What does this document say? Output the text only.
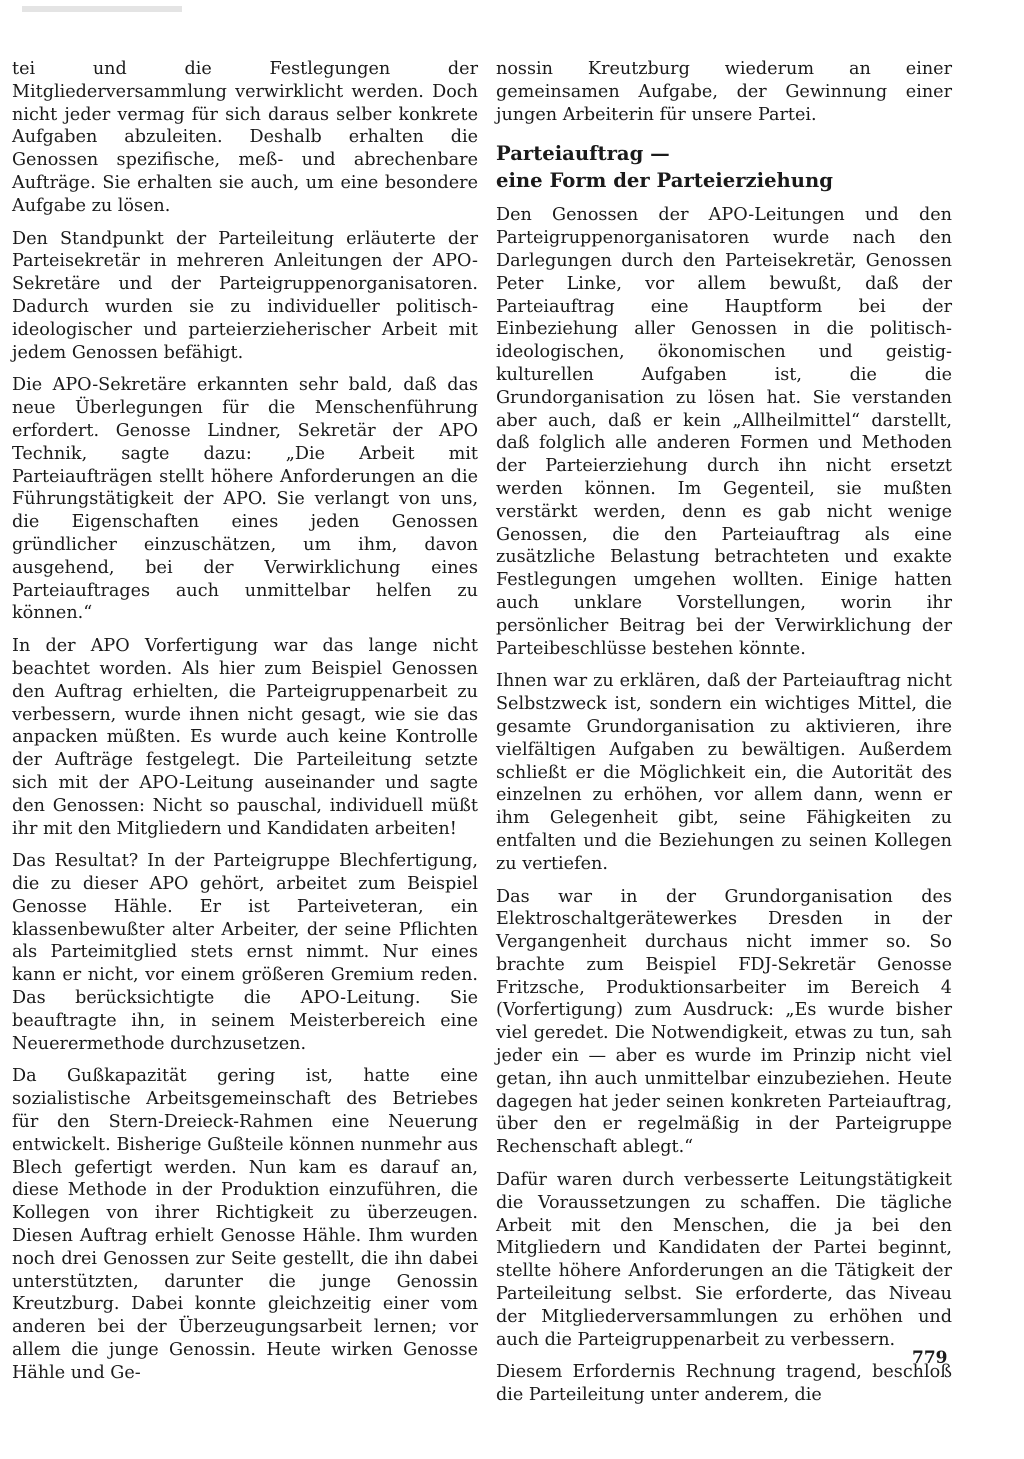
tei und die Festlegungen der Mitgliederversammlung verwirklicht werden. Doch nicht jeder vermag für sich daraus selber konkrete Aufgaben abzuleiten. Deshalb erhalten die Genossen spezifische, meß- und abrechenbare Aufträge. Sie erhalten sie auch, um eine besondere Aufgabe zu lösen.

Den Standpunkt der Parteileitung erläuterte der Parteisekretär in mehreren Anleitungen der APO-Sekretäre und der Parteigruppenorganisatoren. Dadurch wurden sie zu individueller politisch-ideologischer und parteierzieherischer Arbeit mit jedem Genossen befähigt.

Die APO-Sekretäre erkannten sehr bald, daß das neue Überlegungen für die Menschenführung erfordert. Genosse Lindner, Sekretär der APO Technik, sagte dazu: „Die Arbeit mit Parteiaufträgen stellt höhere Anforderungen an die Führungstätigkeit der APO. Sie verlangt von uns, die Eigenschaften eines jeden Genossen gründlicher einzuschätzen, um ihm, davon ausgehend, bei der Verwirklichung eines Parteiauftrages auch unmittelbar helfen zu können.“

In der APO Vorfertigung war das lange nicht beachtet worden. Als hier zum Beispiel Genossen den Auftrag erhielten, die Parteigruppenarbeit zu verbessern, wurde ihnen nicht gesagt, wie sie das anpacken müßten. Es wurde auch keine Kontrolle der Aufträge festgelegt. Die Parteileitung setzte sich mit der APO-Leitung auseinander und sagte den Genossen: Nicht so pauschal, individuell müßt ihr mit den Mitgliedern und Kandidaten arbeiten!

Das Resultat? In der Parteigruppe Blechfertigung, die zu dieser APO gehört, arbeitet zum Beispiel Genosse Hähle. Er ist Parteiveteran, ein klassenbewußter alter Arbeiter, der seine Pflichten als Parteimitglied stets ernst nimmt. Nur eines kann er nicht, vor einem größeren Gremium reden. Das berücksichtigte die APO-Leitung. Sie beauftragte ihn, in seinem Meisterbereich eine Neuerermethode durchzusetzen.

Da Gußkapazität gering ist, hatte eine sozialistische Arbeitsgemeinschaft des Betriebes für den Stern-Dreieck-Rahmen eine Neuerung entwickelt. Bisherige Gußteile können nunmehr aus Blech gefertigt werden. Nun kam es darauf an, diese Methode in der Produktion einzuführen, die Kollegen von ihrer Richtigkeit zu überzeugen. Diesen Auftrag erhielt Genosse Hähle. Ihm wurden noch drei Genossen zur Seite gestellt, die ihn dabei unterstützten, darunter die junge Genossin Kreutzburg. Dabei konnte gleichzeitig einer vom anderen bei der Überzeugungsarbeit lernen; vor allem die junge Genossin. Heute wirken Genosse Hähle und Ge-

nossin Kreutzburg wiederum an einer gemeinsamen Aufgabe, der Gewinnung einer jungen Arbeiterin für unsere Partei.

Parteiauftrag —
eine Form der Parteierziehung

Den Genossen der APO-Leitungen und den Parteigruppenorganisatoren wurde nach den Darlegungen durch den Parteisekretär, Genossen Peter Linke, vor allem bewußt, daß der Parteiauftrag eine Hauptform bei der Einbeziehung aller Genossen in die politisch-ideologischen, ökonomischen und geistig-kulturellen Aufgaben ist, die die Grundorganisation zu lösen hat. Sie verstanden aber auch, daß er kein „Allheilmittel“ darstellt, daß folglich alle anderen Formen und Methoden der Parteierziehung durch ihn nicht ersetzt werden können. Im Gegenteil, sie mußten verstärkt werden, denn es gab nicht wenige Genossen, die den Parteiauftrag als eine zusätzliche Belastung betrachteten und exakte Festlegungen umgehen wollten. Einige hatten auch unklare Vorstellungen, worin ihr persönlicher Beitrag bei der Verwirklichung der Parteibeschlüsse bestehen könnte.

Ihnen war zu erklären, daß der Parteiauftrag nicht Selbstzweck ist, sondern ein wichtiges Mittel, die gesamte Grundorganisation zu aktivieren, ihre vielfältigen Aufgaben zu bewältigen. Außerdem schließt er die Möglichkeit ein, die Autorität des einzelnen zu erhöhen, vor allem dann, wenn er ihm Gelegenheit gibt, seine Fähigkeiten zu entfalten und die Beziehungen zu seinen Kollegen zu vertiefen.

Das war in der Grundorganisation des Elektroschaltgerätewerkes Dresden in der Vergangenheit durchaus nicht immer so. So brachte zum Beispiel FDJ-Sekretär Genosse Fritzsche, Produktionsarbeiter im Bereich 4 (Vorfertigung) zum Ausdruck: „Es wurde bisher viel geredet. Die Notwendigkeit, etwas zu tun, sah jeder ein — aber es wurde im Prinzip nicht viel getan, ihn auch unmittelbar einzubeziehen. Heute dagegen hat jeder seinen konkreten Parteiauftrag, über den er regelmäßig in der Parteigruppe Rechenschaft ablegt.“

Dafür waren durch verbesserte Leitungstätigkeit die Voraussetzungen zu schaffen. Die tägliche Arbeit mit den Menschen, die ja bei den Mitgliedern und Kandidaten der Partei beginnt, stellte höhere Anforderungen an die Tätigkeit der Parteileitung selbst. Sie erforderte, das Niveau der Mitgliederversammlungen zu erhöhen und auch die Parteigruppenarbeit zu verbessern.

Diesem Erfordernis Rechnung tragend, beschloß die Parteileitung unter anderem, die

779
